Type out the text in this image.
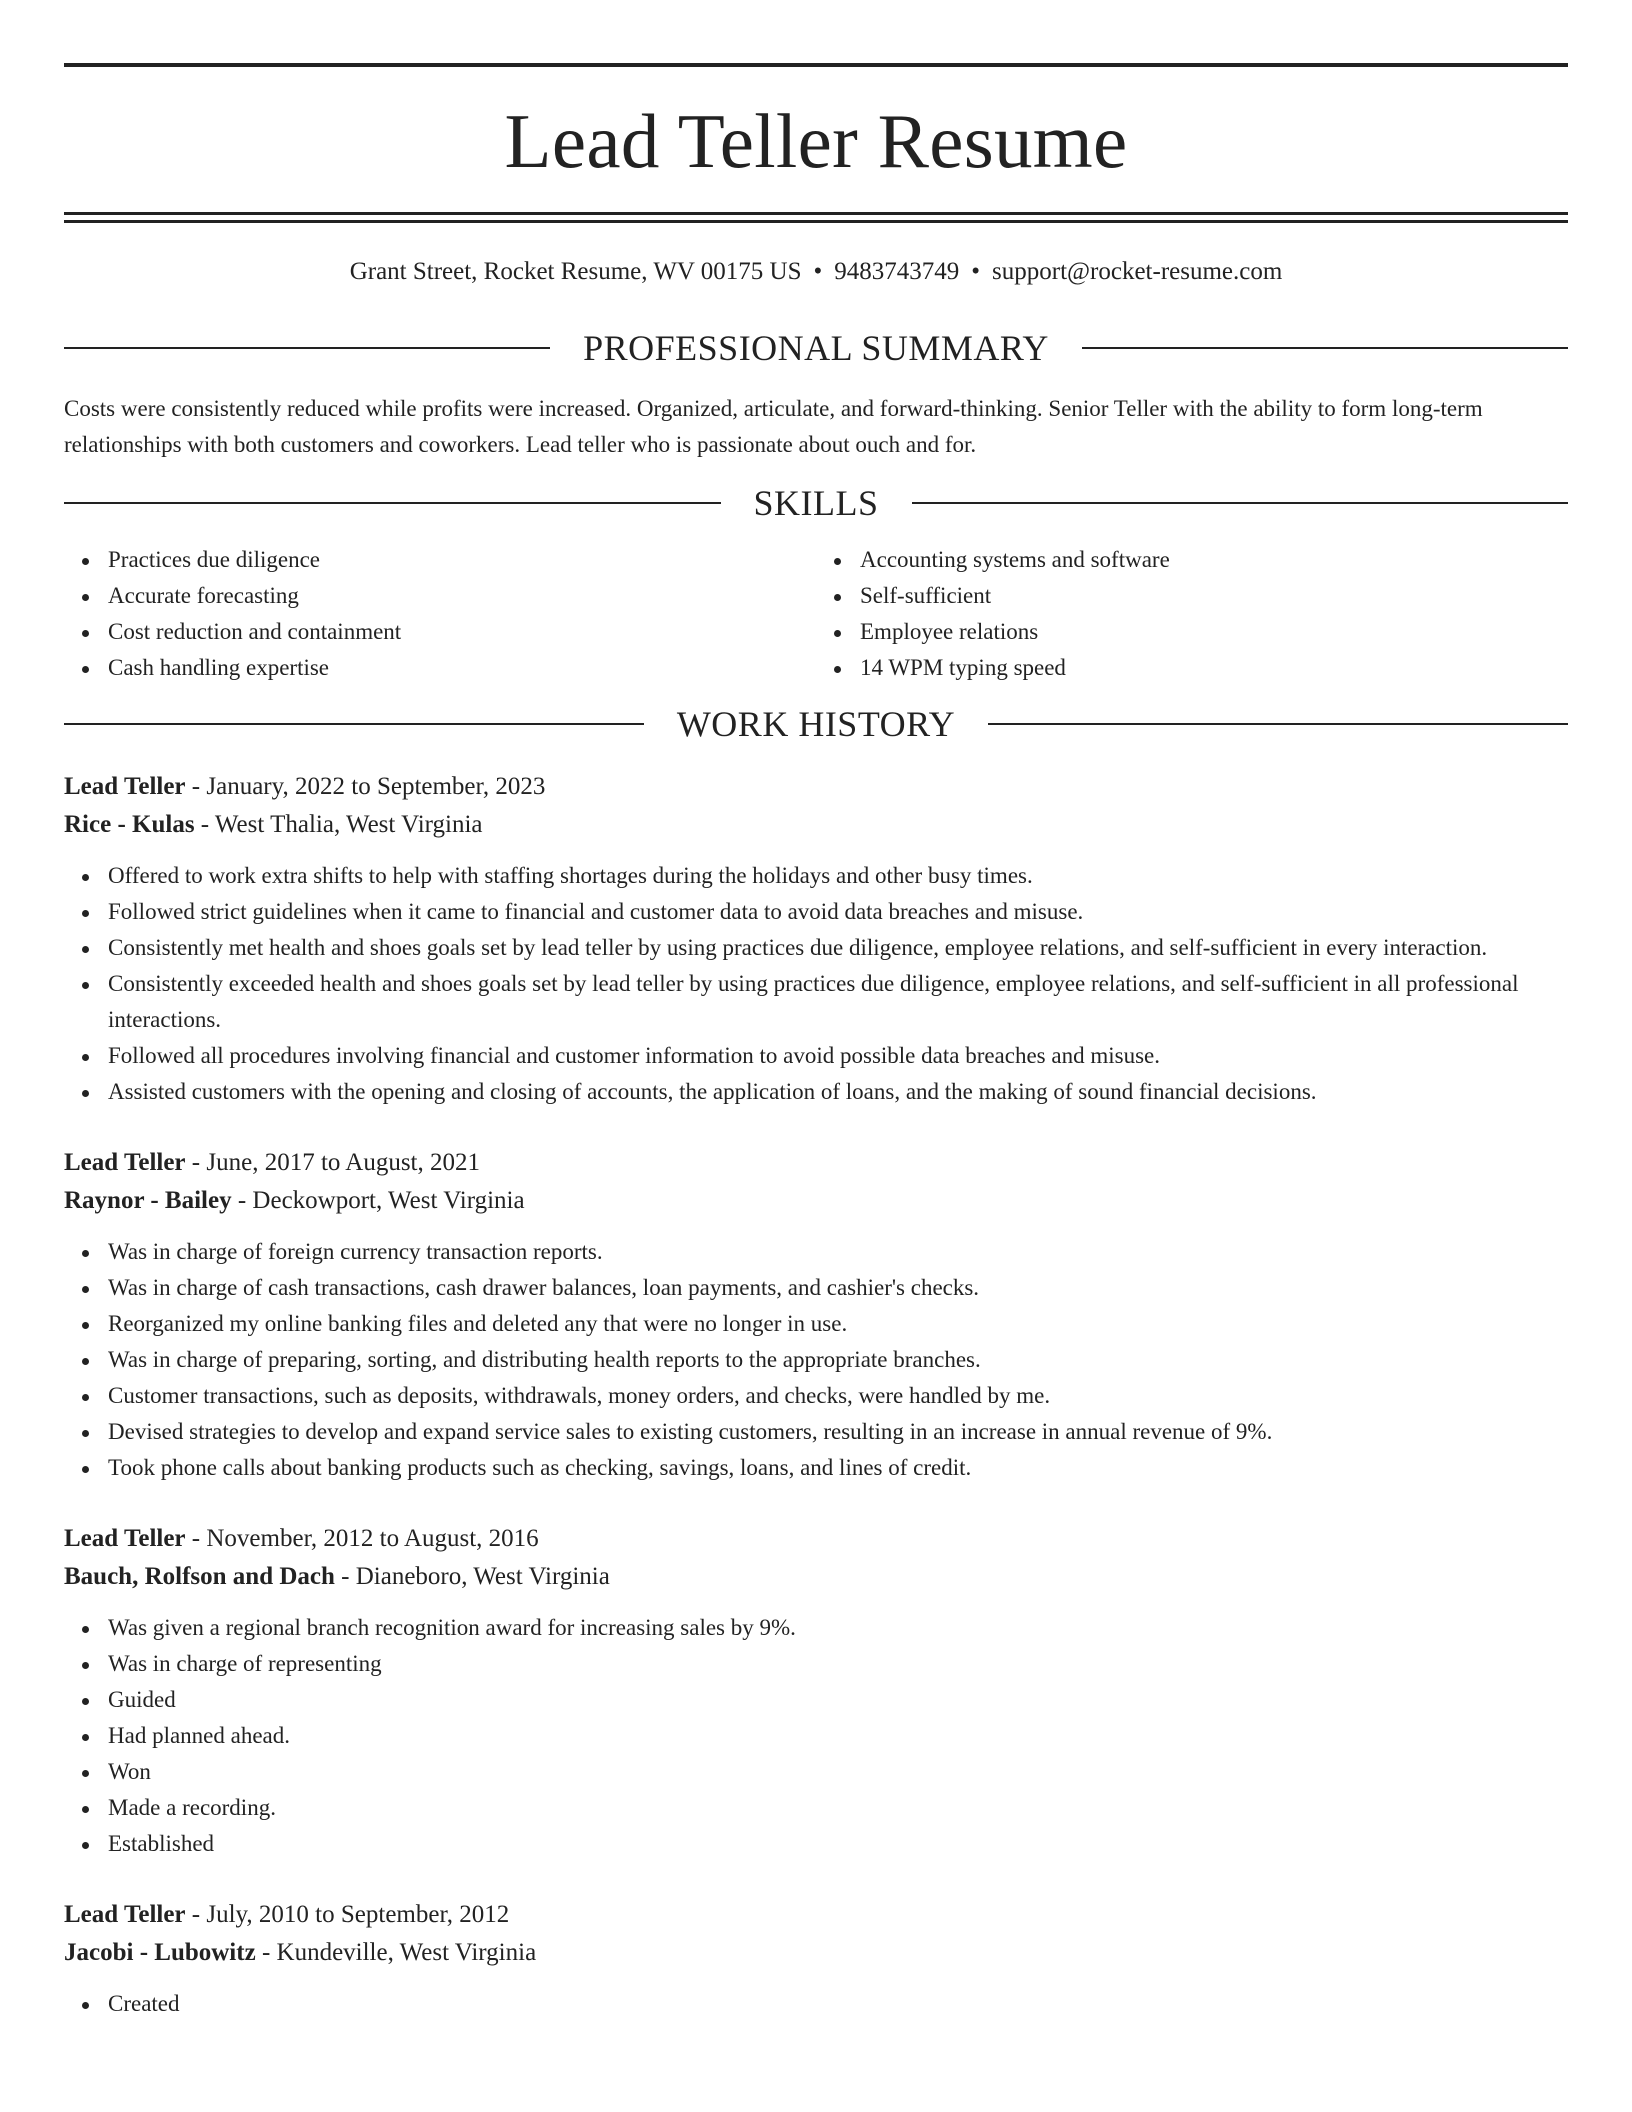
Lead Teller Resume
Grant Street, Rocket Resume, WV 00175 US • 9483743749 • support@rocket-resume.com
PROFESSIONAL SUMMARY
Costs were consistently reduced while profits were increased. Organized, articulate, and forward-thinking. Senior Teller with the ability to form long-term relationships with both customers and coworkers. Lead teller who is passionate about ouch and for.
SKILLS
Practices due diligence
Accurate forecasting
Cost reduction and containment
Cash handling expertise
Accounting systems and software
Self-sufficient
Employee relations
14 WPM typing speed
WORK HISTORY
Lead Teller - January, 2022 to September, 2023
Rice - Kulas - West Thalia, West Virginia
Offered to work extra shifts to help with staffing shortages during the holidays and other busy times.
Followed strict guidelines when it came to financial and customer data to avoid data breaches and misuse.
Consistently met health and shoes goals set by lead teller by using practices due diligence, employee relations, and self-sufficient in every interaction.
Consistently exceeded health and shoes goals set by lead teller by using practices due diligence, employee relations, and self-sufficient in all professional interactions.
Followed all procedures involving financial and customer information to avoid possible data breaches and misuse.
Assisted customers with the opening and closing of accounts, the application of loans, and the making of sound financial decisions.
Lead Teller - June, 2017 to August, 2021
Raynor - Bailey - Deckowport, West Virginia
Was in charge of foreign currency transaction reports.
Was in charge of cash transactions, cash drawer balances, loan payments, and cashier's checks.
Reorganized my online banking files and deleted any that were no longer in use.
Was in charge of preparing, sorting, and distributing health reports to the appropriate branches.
Customer transactions, such as deposits, withdrawals, money orders, and checks, were handled by me.
Devised strategies to develop and expand service sales to existing customers, resulting in an increase in annual revenue of 9%.
Took phone calls about banking products such as checking, savings, loans, and lines of credit.
Lead Teller - November, 2012 to August, 2016
Bauch, Rolfson and Dach - Dianeboro, West Virginia
Was given a regional branch recognition award for increasing sales by 9%.
Was in charge of representing
Guided
Had planned ahead.
Won
Made a recording.
Established
Lead Teller - July, 2010 to September, 2012
Jacobi - Lubowitz - Kundeville, West Virginia
Created
